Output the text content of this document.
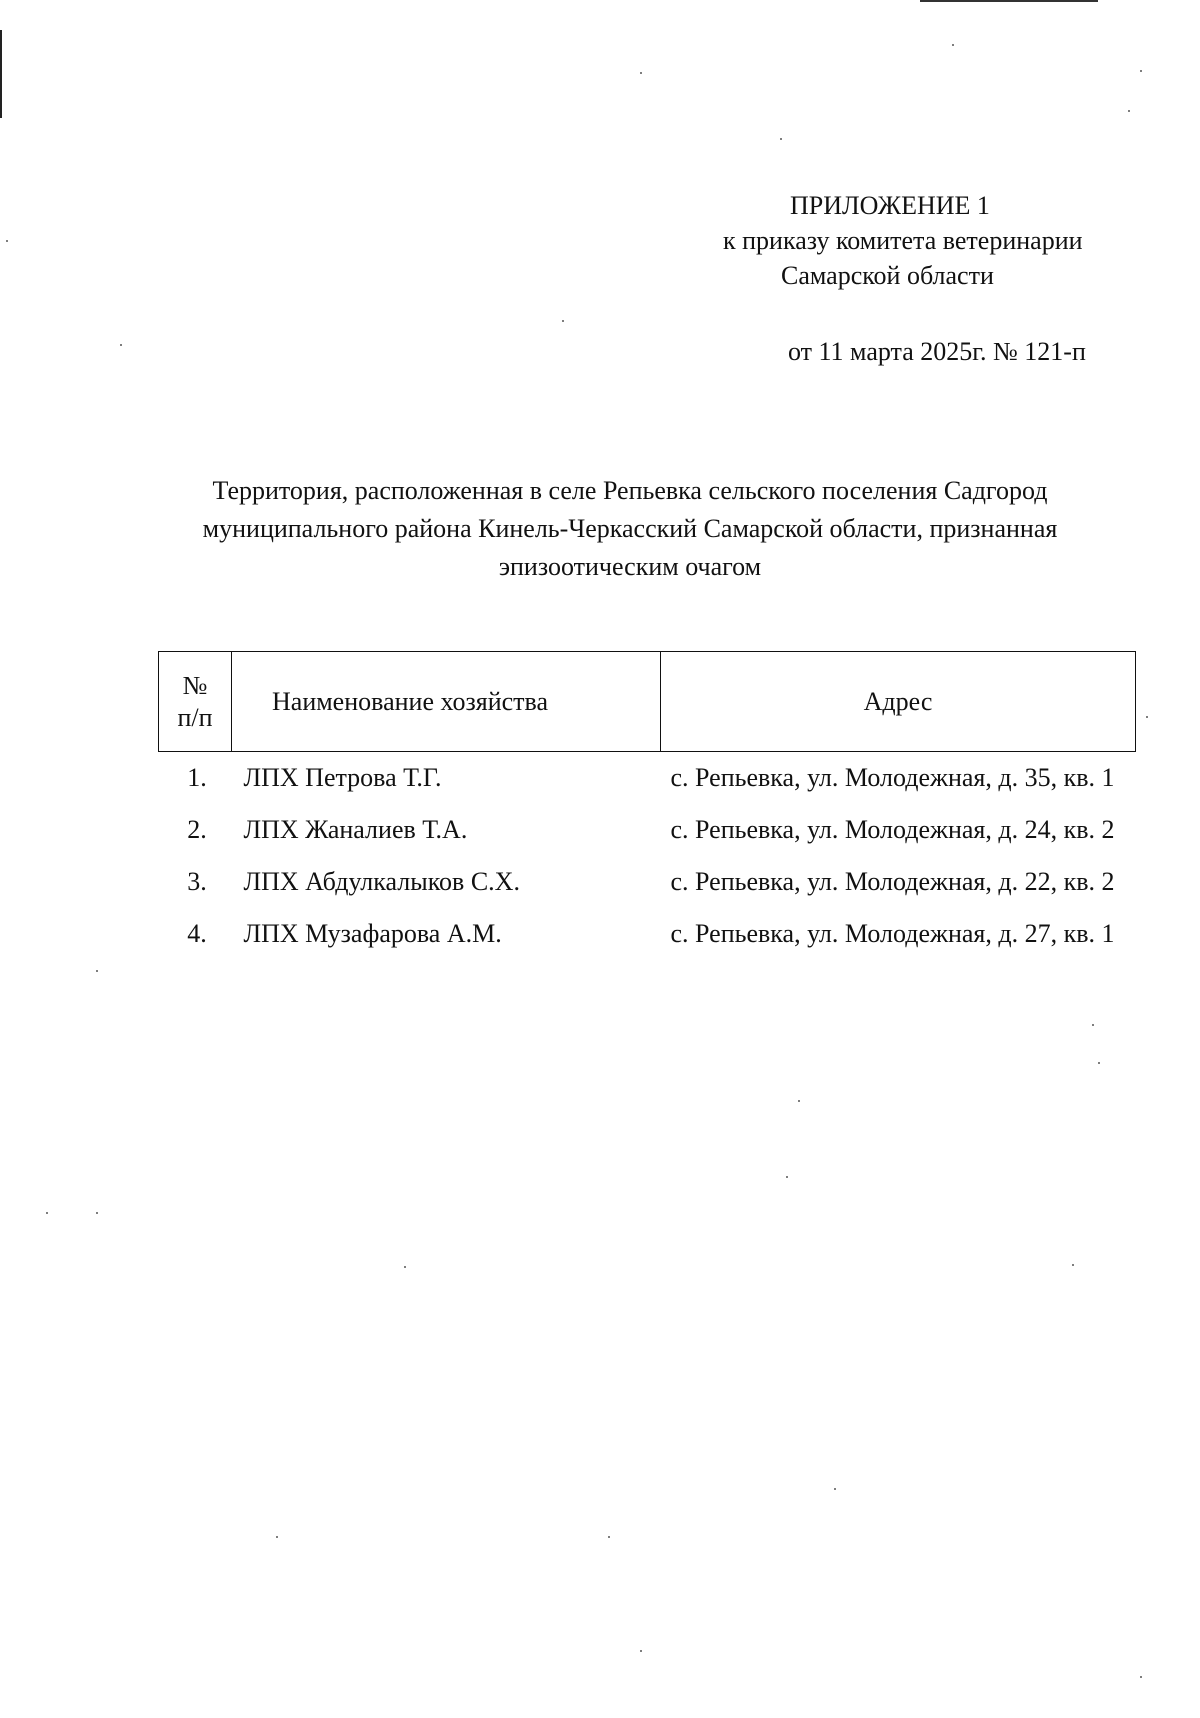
ПРИЛОЖЕНИЕ 1
к приказу комитета ветеринарии
Самарской области
от 11 марта 2025г. № 121-п
Территория, расположенная в селе Репьевка сельского поселения Садгород
муниципального района Кинель-Черкасский Самарской области, признанная
эпизоотическим очагом
№
п/п	Наименование хозяйства	Адрес
1.	ЛПХ Петрова Т.Г.	с. Репьевка, ул. Молодежная, д. 35, кв. 1
2.	ЛПХ Жаналиев Т.А.	с. Репьевка, ул. Молодежная, д. 24, кв. 2
3.	ЛПХ Абдулкалыков С.Х.	с. Репьевка, ул. Молодежная, д. 22, кв. 2
4.	ЛПХ Музафарова А.М.	с. Репьевка, ул. Молодежная, д. 27, кв. 1
